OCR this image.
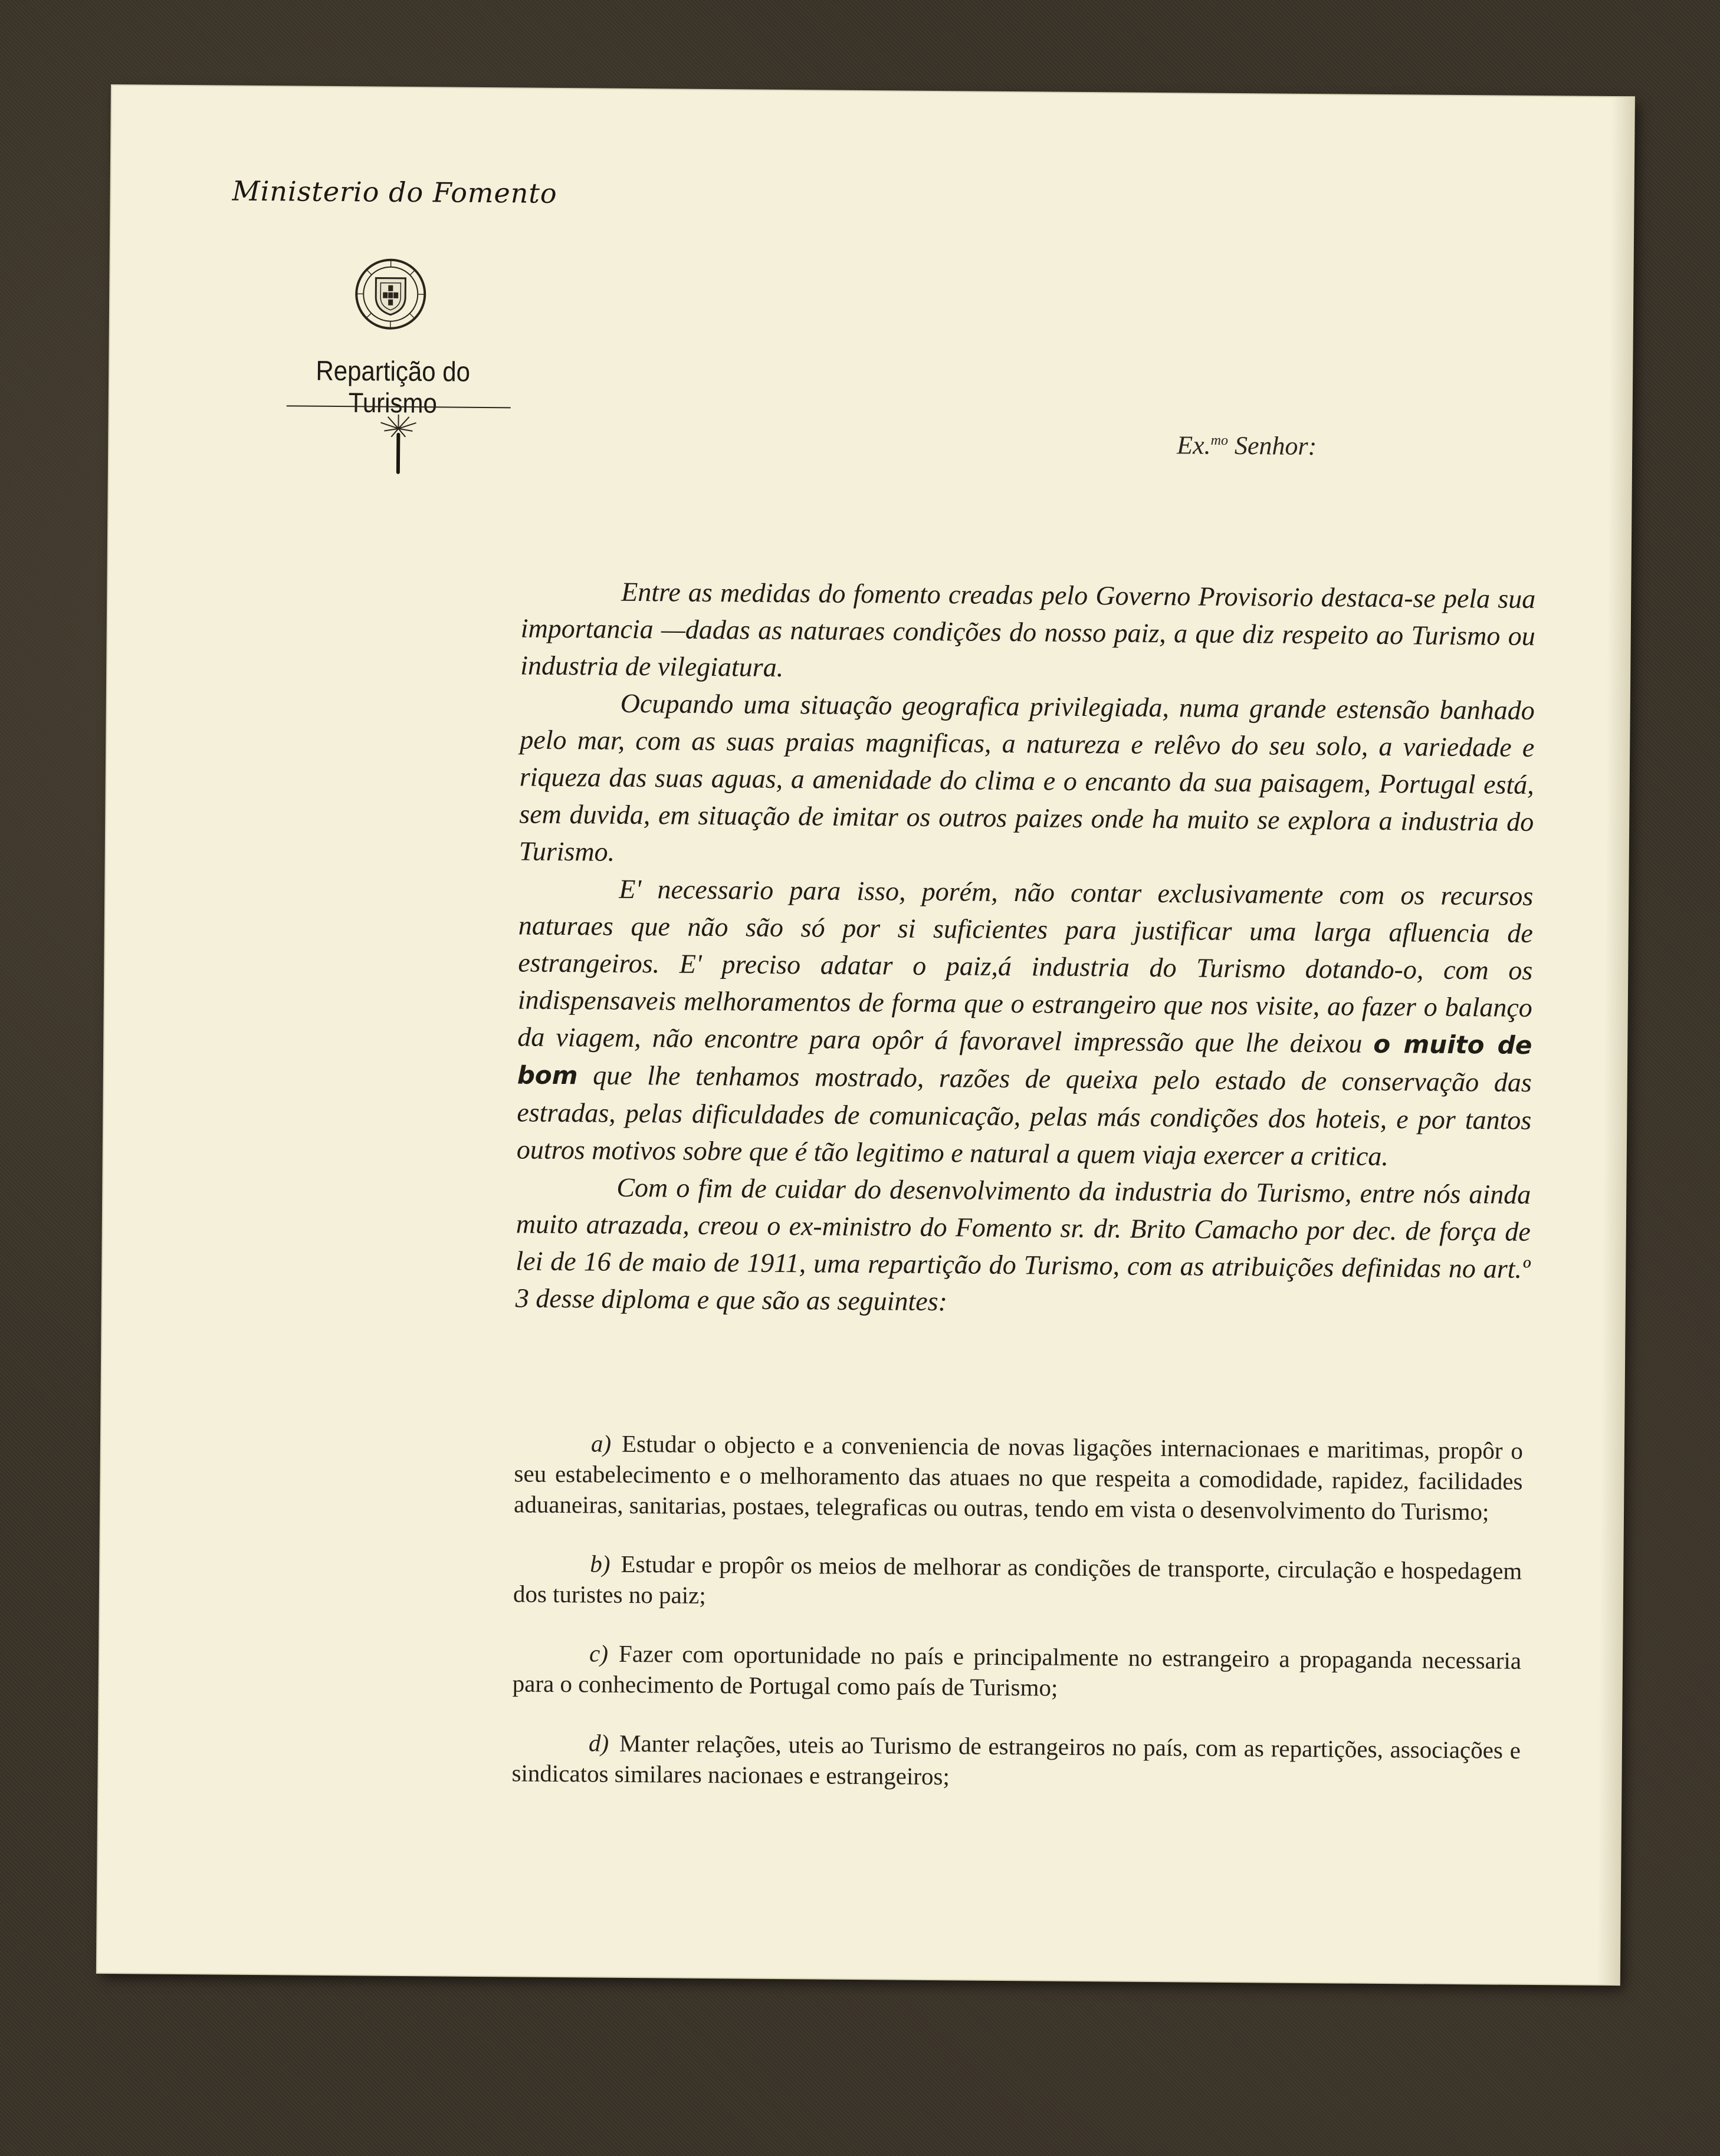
Ministerio do Fomento
Repartição do Turismo
Ex.$^{mo}$ Senhor:

Entre as medidas do fomento creadas pelo Governo Provisorio destaca-se pela sua importancia —dadas as naturaes condições do nosso paiz, a que diz respeito ao Turismo ou industria de vilegiatura.

Ocupando uma situação geografica privilegiada, numa grande estensão banhado pelo mar, com as suas praias magnificas, a natureza e relêvo do seu solo, a variedade e riqueza das suas aguas, a amenidade do clima e o encanto da sua paisagem, Portugal está, sem duvida, em situação de imitar os outros paizes onde ha muito se explora a industria do Turismo.

E' necessario para isso, porém, não contar exclusivamente com os recursos naturaes que não são só por si suficientes para justificar uma larga afluencia de estrangeiros. E' preciso adatar o paiz,á industria do Turismo dotando-o, com os indispensaveis melhoramentos de forma que o estrangeiro que nos visite, ao fazer o balanço da viagem, não encontre para opôr á favoravel impressão que lhe deixou o muito de bom que lhe tenhamos mostrado, razões de queixa pelo estado de conservação das estradas, pelas dificuldades de comunicação, pelas más condições dos hoteis, e por tantos outros motivos sobre que é tão legitimo e natural a quem viaja exercer a critica.

Com o fim de cuidar do desenvolvimento da industria do Turismo, entre nós ainda muito atrazada, creou o ex-ministro do Fomento sr. dr. Brito Camacho por dec. de força de lei de 16 de maio de 1911, uma repartição do Turismo, com as atribuições definidas no art.º 3 desse diploma e que são as seguintes:

a) Estudar o objecto e a conveniencia de novas ligações internacionaes e maritimas, propôr o seu estabelecimento e o melhoramento das atuaes no que respeita a comodidade, rapidez, facilidades aduaneiras, sanitarias, postaes, telegraficas ou outras, tendo em vista o desenvolvimento do Turismo;
b) Estudar e propôr os meios de melhorar as condições de transporte, circulação e hospedagem dos turistes no paiz;
c) Fazer com oportunidade no país e principalmente no estrangeiro a propaganda necessaria para o conhecimento de Portugal como país de Turismo;
d) Manter relações, uteis ao Turismo de estrangeiros no país, com as repartições, associações e sindicatos similares nacionaes e estrangeiros;
